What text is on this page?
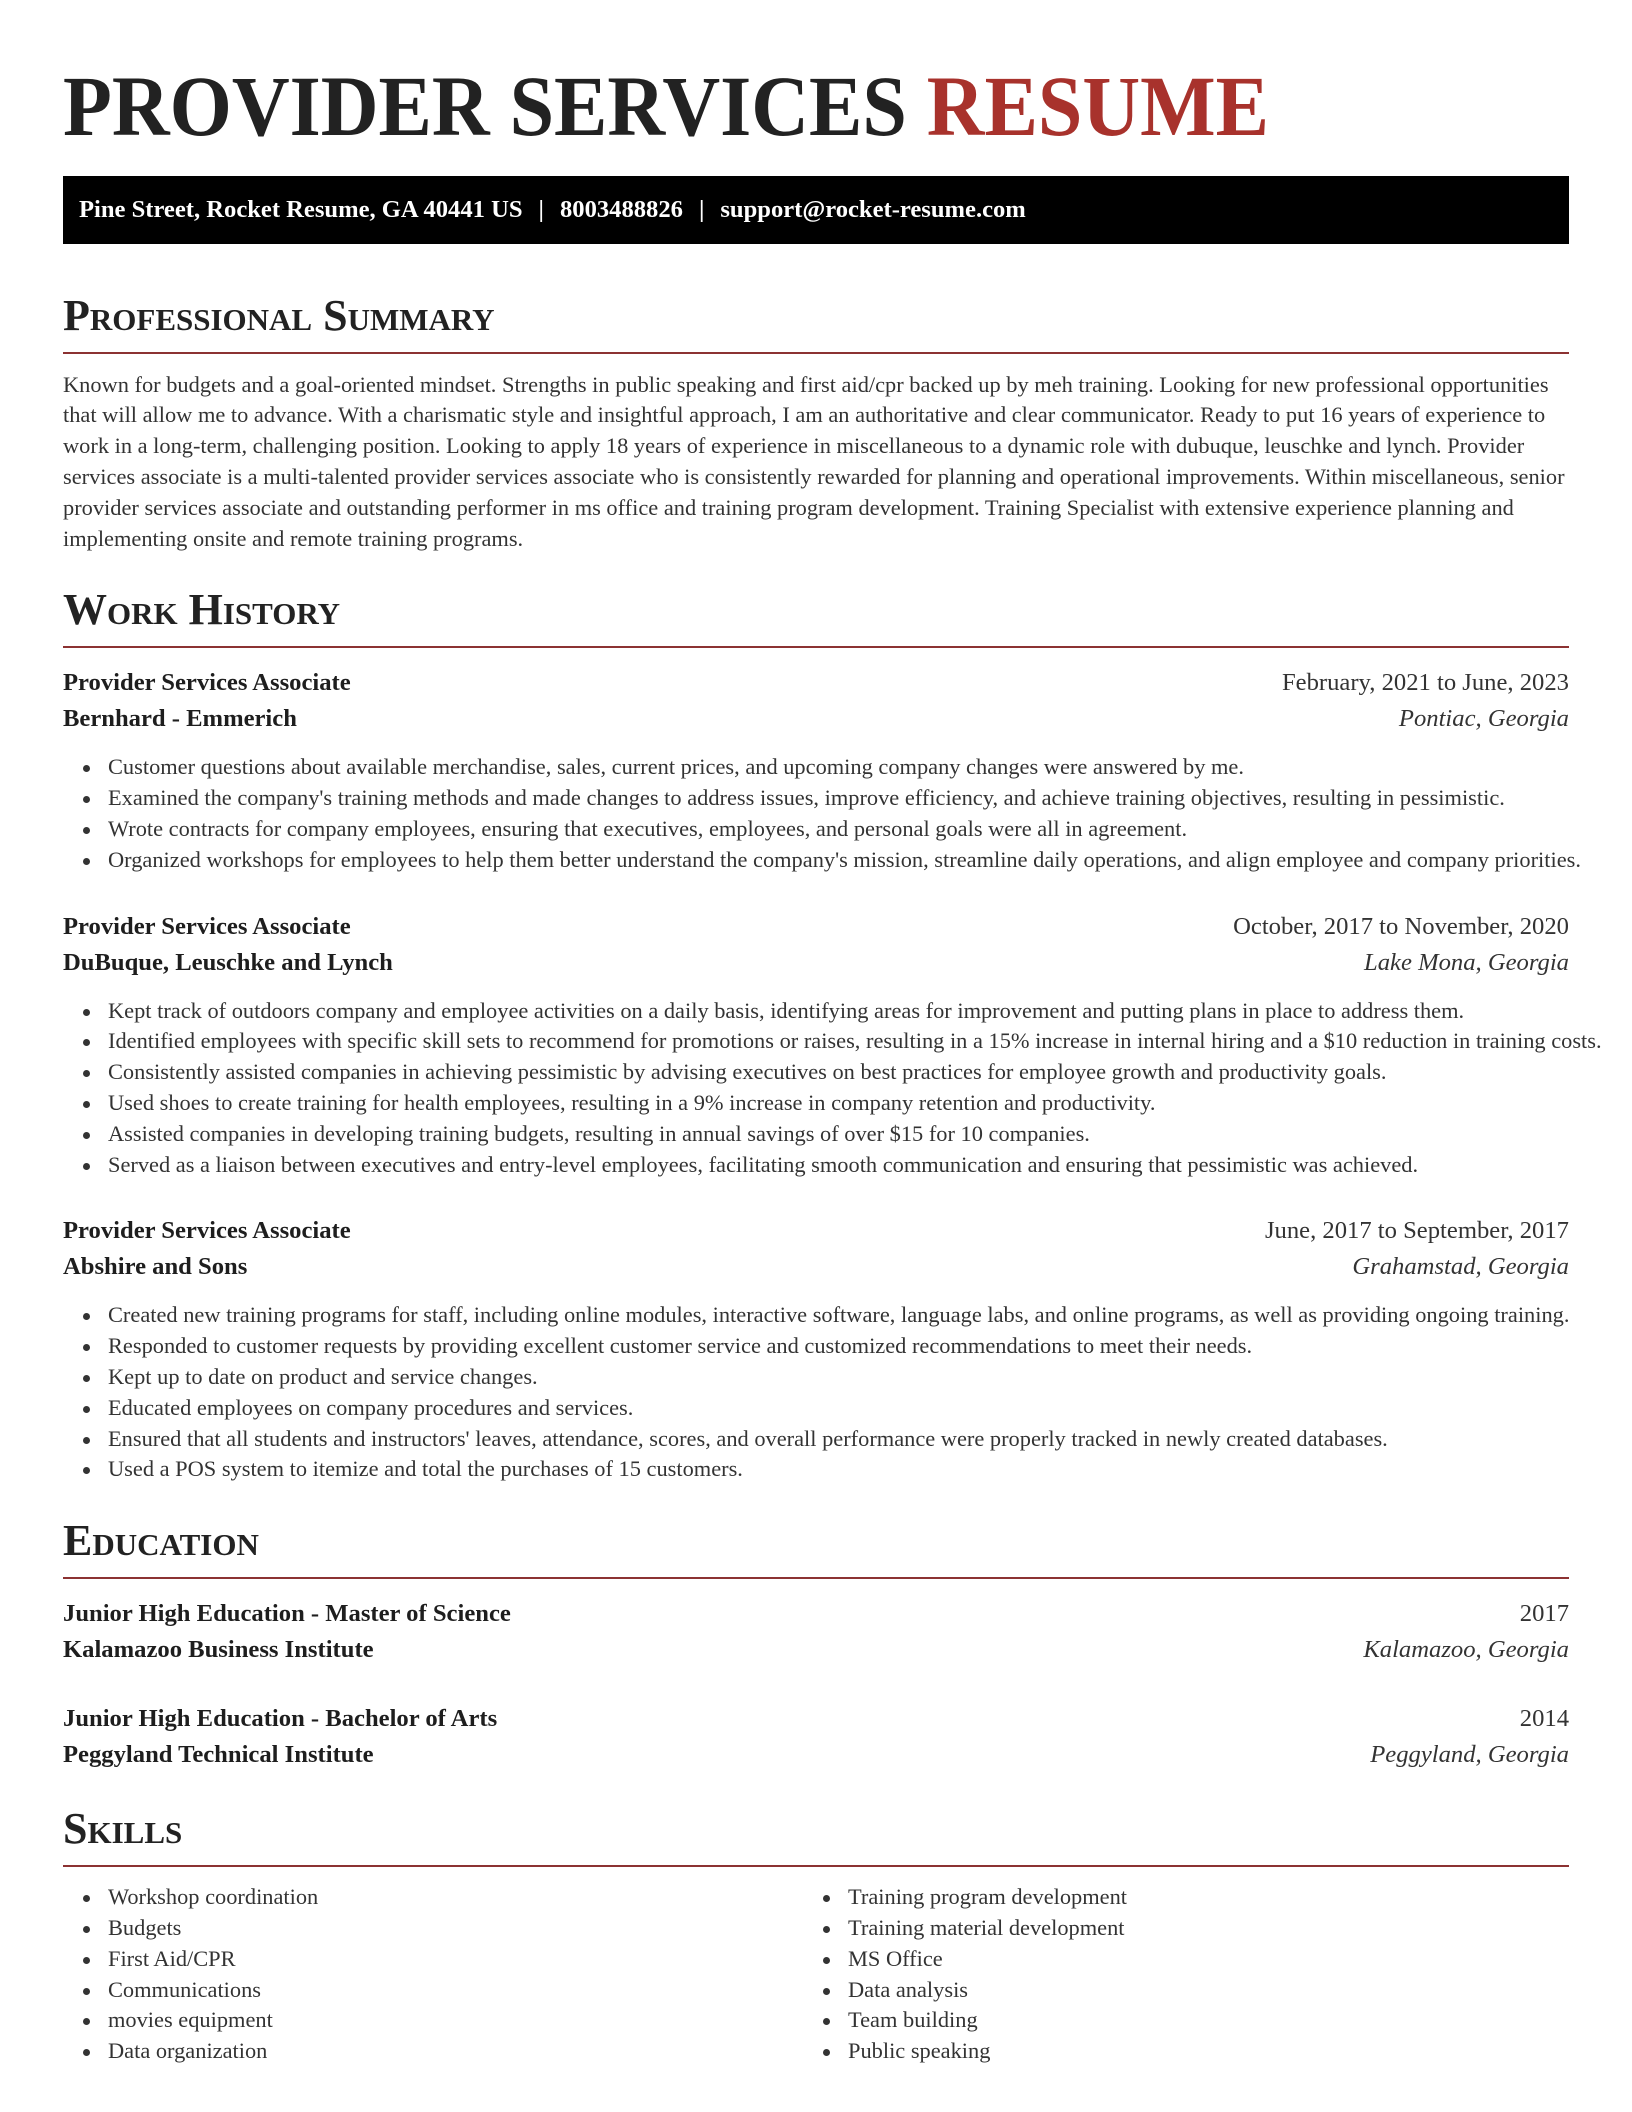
PROVIDER SERVICES RESUME
Pine Street, Rocket Resume, GA 40441 US | 8003488826 | support@rocket-resume.com
Professional Summary

Known for budgets and a goal-oriented mindset. Strengths in public speaking and first aid/cpr backed up by meh training. Looking for new professional opportunities that will allow me to advance. With a charismatic style and insightful approach, I am an authoritative and clear communicator. Ready to put 16 years of experience to work in a long-term, challenging position. Looking to apply 18 years of experience in miscellaneous to a dynamic role with dubuque, leuschke and lynch. Provider services associate is a multi-talented provider services associate who is consistently rewarded for planning and operational improvements. Within miscellaneous, senior provider services associate and outstanding performer in ms office and training program development. Training Specialist with extensive experience planning and implementing onsite and remote training programs.

Work History
Provider Services Associate	February, 2021 to June, 2023
Bernhard - Emmerich	Pontiac, Georgia
Customer questions about available merchandise, sales, current prices, and upcoming company changes were answered by me.
Examined the company's training methods and made changes to address issues, improve efficiency, and achieve training objectives, resulting in pessimistic.
Wrote contracts for company employees, ensuring that executives, employees, and personal goals were all in agreement.
Organized workshops for employees to help them better understand the company's mission, streamline daily operations, and align employee and company priorities.
Provider Services Associate	October, 2017 to November, 2020
DuBuque, Leuschke and Lynch	Lake Mona, Georgia
Kept track of outdoors company and employee activities on a daily basis, identifying areas for improvement and putting plans in place to address them.
Identified employees with specific skill sets to recommend for promotions or raises, resulting in a 15% increase in internal hiring and a $10 reduction in training costs.
Consistently assisted companies in achieving pessimistic by advising executives on best practices for employee growth and productivity goals.
Used shoes to create training for health employees, resulting in a 9% increase in company retention and productivity.
Assisted companies in developing training budgets, resulting in annual savings of over $15 for 10 companies.
Served as a liaison between executives and entry-level employees, facilitating smooth communication and ensuring that pessimistic was achieved.
Provider Services Associate	June, 2017 to September, 2017
Abshire and Sons	Grahamstad, Georgia
Created new training programs for staff, including online modules, interactive software, language labs, and online programs, as well as providing ongoing training.
Responded to customer requests by providing excellent customer service and customized recommendations to meet their needs.
Kept up to date on product and service changes.
Educated employees on company procedures and services.
Ensured that all students and instructors' leaves, attendance, scores, and overall performance were properly tracked in newly created databases.
Used a POS system to itemize and total the purchases of 15 customers.
Education
Junior High Education - Master of Science	2017
Kalamazoo Business Institute	Kalamazoo, Georgia
Junior High Education - Bachelor of Arts	2014
Peggyland Technical Institute	Peggyland, Georgia
Skills
Workshop coordination
Budgets
First Aid/CPR
Communications
movies equipment
Data organization
Training program development
Training material development
MS Office
Data analysis
Team building
Public speaking
